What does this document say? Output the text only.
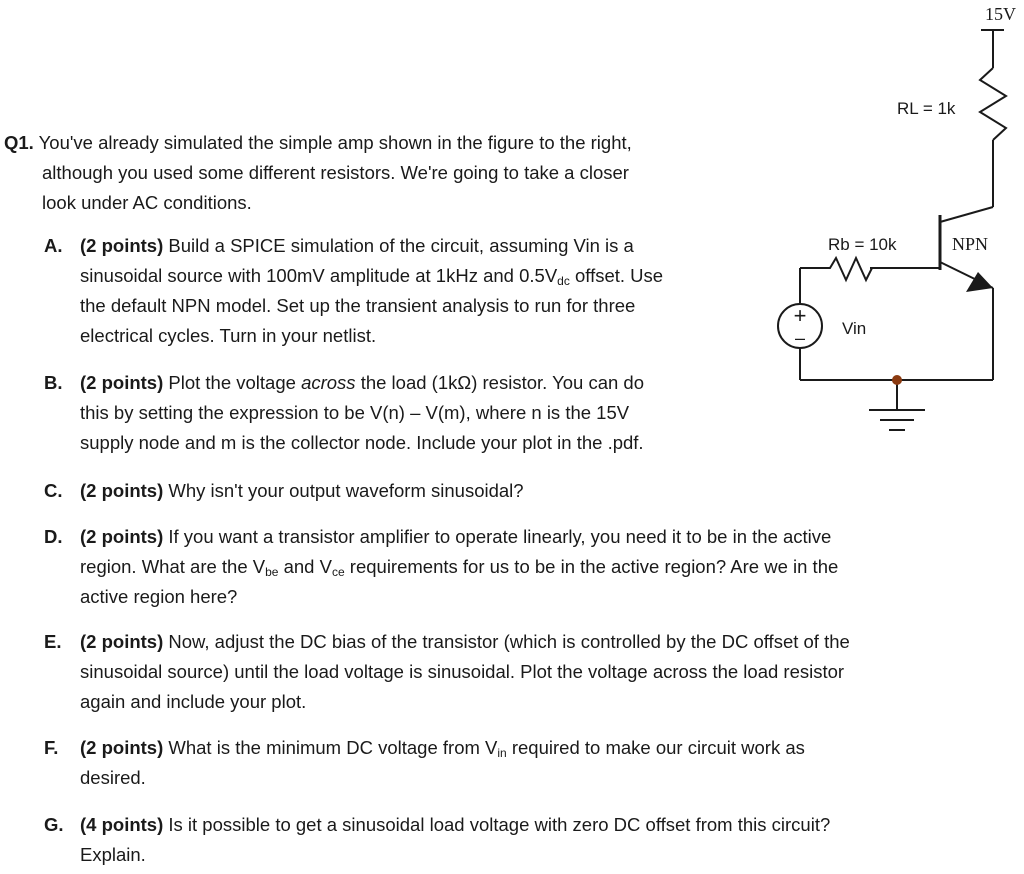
Q1. You've already simulated the simple amp shown in the figure to the right,
although you used some different resistors. We're going to take a closer
look under AC conditions.
A. (2 points) Build a SPICE simulation of the circuit, assuming Vin is a
sinusoidal source with 100mV amplitude at 1kHz and $0.5V_{dc}$ offset. Use
the default NPN model. Set up the transient analysis to run for three
electrical cycles. Turn in your netlist.
B. (2 points) Plot the voltage across the load (1kΩ) resistor. You can do
this by setting the expression to be V(n) – V(m), where n is the 15V
supply node and m is the collector node. Include your plot in the .pdf.
C. (2 points) Why isn't your output waveform sinusoidal?
D. (2 points) If you want a transistor amplifier to operate linearly, you need it to be in the active
region. What are the $V_{be}$ and $V_{ce}$ requirements for us to be in the active region? Are we in the
active region here?
E.	(2 points) Now, adjust the DC bias of the transistor (which is controlled by the DC offset of the
sinusoidal source) until the load voltage is sinusoidal. Plot the voltage across the load resistor
again and include your plot.
F.	(2 points) What is the minimum DC voltage from $V_{in}$ required to make our circuit work as
desired.
G. (4 points) Is it possible to get a sinusoidal load voltage with zero DC offset from this circuit?
Explain.
+
–
15V
RL = 1k
Rb = 10k	NPN
Vin
